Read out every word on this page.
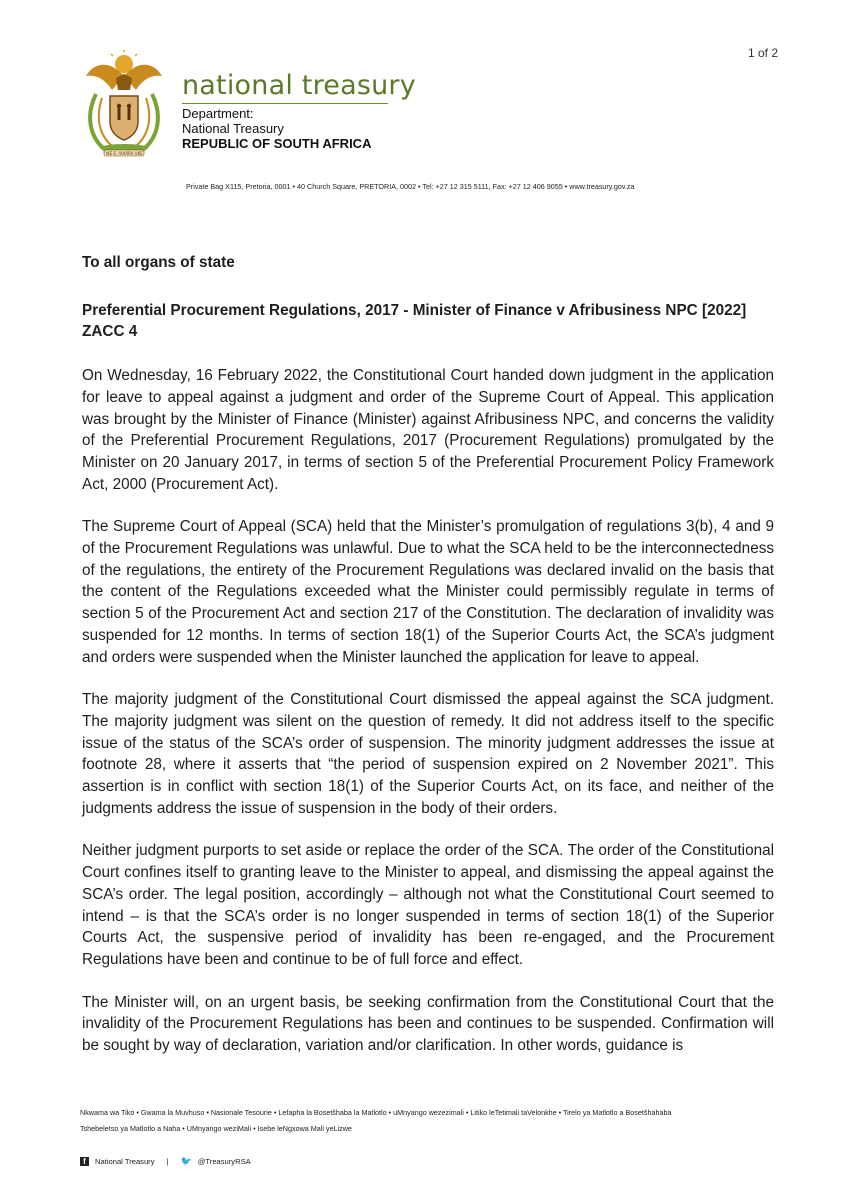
1 of 2
!KE E: /XARRA //KE
national treasury
Department:
National Treasury
REPUBLIC OF SOUTH AFRICA
Private Bag X115, Pretoria, 0001 • 40 Church Square, PRETORIA, 0002 • Tel: +27 12 315 5111, Fax: +27 12 406 9055 • www.treasury.gov.za
To all organs of state
Preferential Procurement Regulations, 2017 - Minister of Finance v Afribusiness NPC [2022] ZACC 4

On Wednesday, 16 February 2022, the Constitutional Court handed down judgment in the application for leave to appeal against a judgment and order of the Supreme Court of Appeal. This application was brought by the Minister of Finance (Minister) against Afribusiness NPC, and concerns the validity of the Preferential Procurement Regulations, 2017 (Procurement Regulations) promulgated by the Minister on 20 January 2017, in terms of section 5 of the Preferential Procurement Policy Framework Act, 2000 (Procurement Act).

The Supreme Court of Appeal (SCA) held that the Minister’s promulgation of regulations 3(b), 4 and 9 of the Procurement Regulations was unlawful. Due to what the SCA held to be the interconnectedness of the regulations, the entirety of the Procurement Regulations was declared invalid on the basis that the content of the Regulations exceeded what the Minister could permissibly regulate in terms of section 5 of the Procurement Act and section 217 of the Constitution. The declaration of invalidity was suspended for 12 months. In terms of section 18(1) of the Superior Courts Act, the SCA’s judgment and orders were suspended when the Minister launched the application for leave to appeal.

The majority judgment of the Constitutional Court dismissed the appeal against the SCA judgment. The majority judgment was silent on the question of remedy. It did not address itself to the specific issue of the status of the SCA’s order of suspension. The minority judgment addresses the issue at footnote 28, where it asserts that “the period of suspension expired on 2 November 2021”. This assertion is in conflict with section 18(1) of the Superior Courts Act, on its face, and neither of the judgments address the issue of suspension in the body of their orders.

Neither judgment purports to set aside or replace the order of the SCA. The order of the Constitutional Court confines itself to granting leave to the Minister to appeal, and dismissing the appeal against the SCA’s order. The legal position, accordingly – although not what the Constitutional Court seemed to intend – is that the SCA’s order is no longer suspended in terms of section 18(1) of the Superior Courts Act, the suspensive period of invalidity has been re-engaged, and the Procurement Regulations have been and continue to be of full force and effect.

The Minister will, on an urgent basis, be seeking confirmation from the Constitutional Court that the invalidity of the Procurement Regulations has been and continues to be suspended. Confirmation will be sought by way of declaration, variation and/or clarification. In other words, guidance is

Nkwama wa Tiko • Gwama la Muvhuso • Nasionale Tesourie • Lefapha la Bosetšhaba la Matlotlo • uMnyango wezezimali • Litiko leTetimali taVelonkhe • Tirelo ya Matlotlo a Bosetšhahaba
Tshebeletso ya Matlotlo a Naha • UMnyango weziMali • Isebe leNgxowa Mali yeLizwe
f	National Treasury | 🐦 @TreasuryRSA
